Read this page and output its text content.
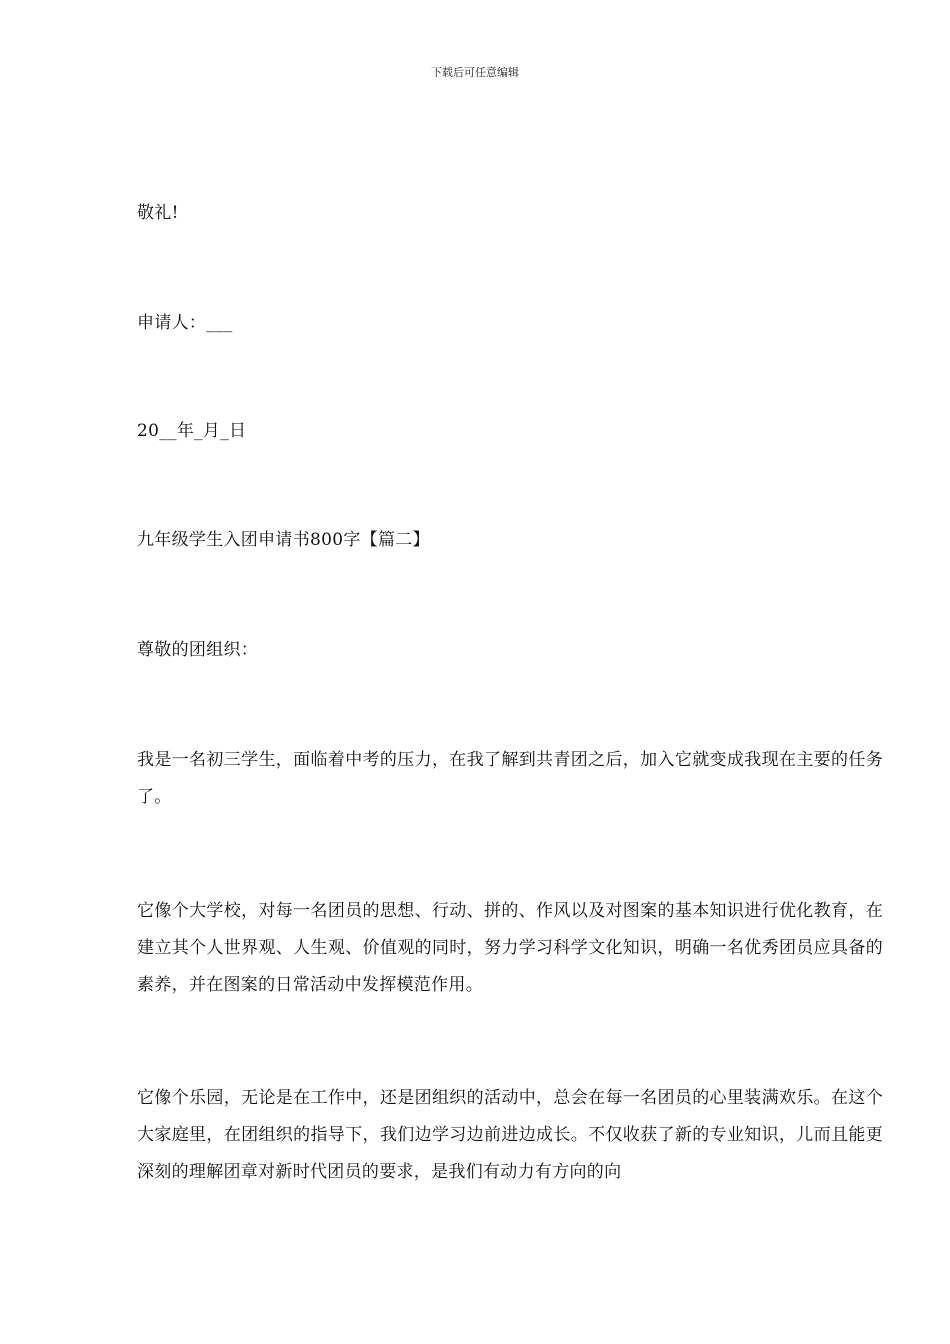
下载后可任意编辑

敬礼!

申请人：___

20__年_月_日

九年级学生入团申请书800字【篇二】

尊敬的团组织：

我是一名初三学生，面临着中考的压力，在我了解到共青团之后，加入它就变成我现在主要的任务了。

它像个大学校，对每一名团员的思想、行动、拼的、作风以及对图案的基本知识进行优化教育，在建立其个人世界观、人生观、价值观的同时，努力学习科学文化知识，明确一名优秀团员应具备的素养，并在图案的日常活动中发挥模范作用。

它像个乐园，无论是在工作中，还是团组织的活动中，总会在每一名团员的心里装满欢乐。在这个大家庭里，在团组织的指导下，我们边学习边前进边成长。不仅收获了新的专业知识，儿而且能更深刻的理解团章对新时代团员的要求，是我们有动力有方向的向
